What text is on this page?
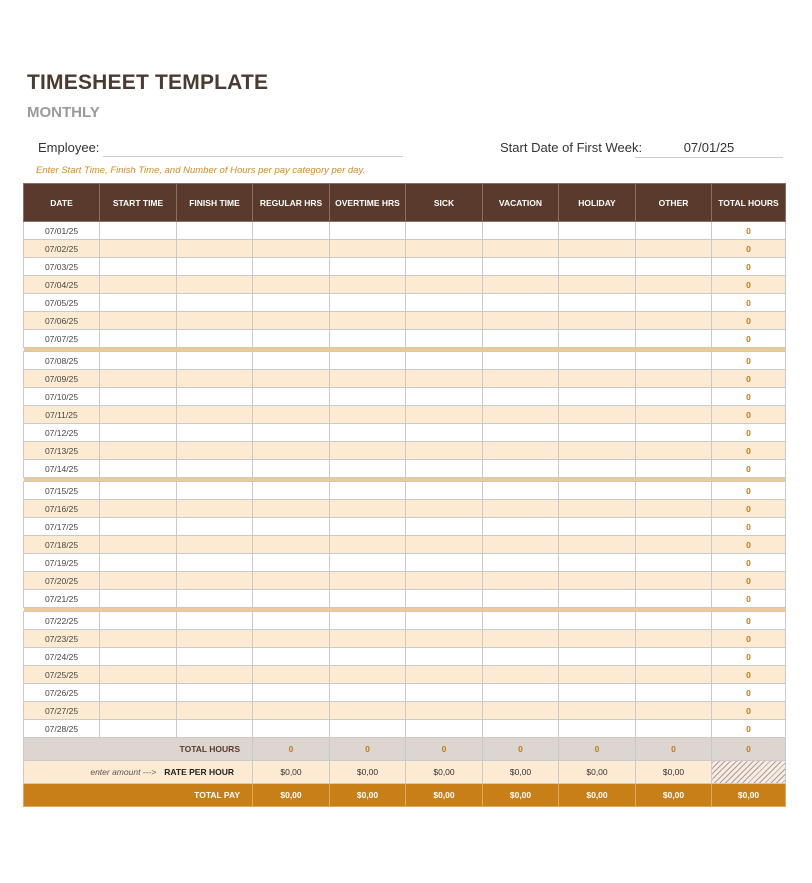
TIMESHEET TEMPLATE
MONTHLY
Employee:	Start Date of First Week:	07/01/25
Enter Start Time, Finish Time, and Number of Hours per pay category per day.
DATE	START TIME	FINISH TIME	REGULAR HRS	OVERTIME HRS	SICK	VACATION	HOLIDAY	OTHER	TOTAL HOURS
07/01/25									0
07/02/25									0
07/03/25									0
07/04/25									0
07/05/25									0
07/06/25									0
07/07/25									0

07/08/25									0
07/09/25									0
07/10/25									0
07/11/25									0
07/12/25									0
07/13/25									0
07/14/25									0

07/15/25									0
07/16/25									0
07/17/25									0
07/18/25									0
07/19/25									0
07/20/25									0
07/21/25									0

07/22/25									0
07/23/25									0
07/24/25									0
07/25/25									0
07/26/25									0
07/27/25									0
07/28/25									0
TOTAL HOURS			0	0	0	0	0	0	0
enter amount ---> RATE PER HOUR			$0,00	$0,00	$0,00	$0,00	$0,00	$0,00	
TOTAL PAY			$0,00	$0,00	$0,00	$0,00	$0,00	$0,00	$0,00
